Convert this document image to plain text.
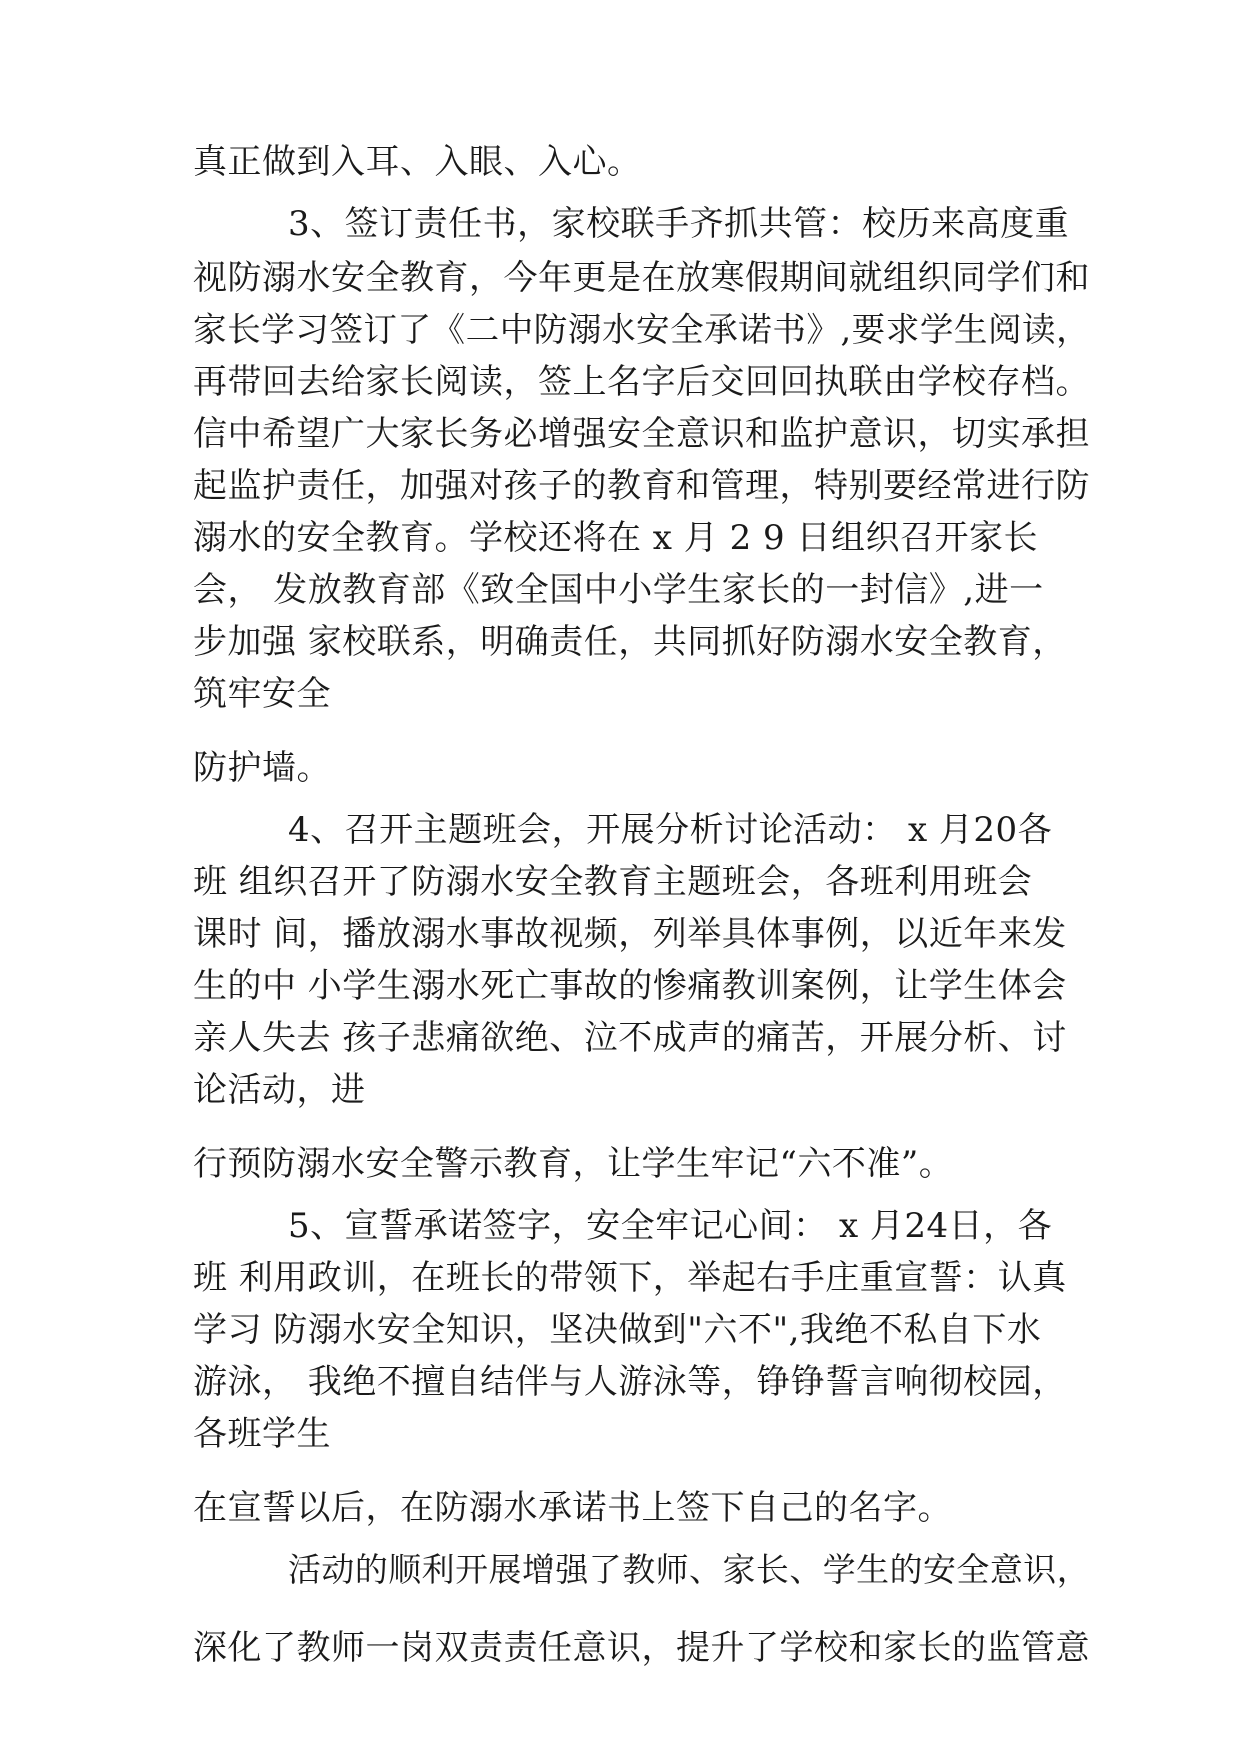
真正做到入耳、入眼、入心。
3、签订责任书，家校联手齐抓共管：校历来高度重
视防溺水安全教育，今年更是在放寒假期间就组织同学们和
家长学习签订了《二中防溺水安全承诺书》,要求学生阅读，
再带回去给家长阅读，签上名字后交回回执联由学校存档。
信中希望广大家长务必增强安全意识和监护意识，切实承担
起监护责任，加强对孩子的教育和管理，特别要经常进行防
溺水的安全教育。学校还将在 x 月 2 9 日组织召开家长
会， 发放教育部《致全国中小学生家长的一封信》,进一
步加强 家校联系，明确责任，共同抓好防溺水安全教育，
筑牢安全
防护墙。
4、召开主题班会，开展分析讨论活动： x 月20各
班 组织召开了防溺水安全教育主题班会，各班利用班会
课时 间，播放溺水事故视频，列举具体事例，以近年来发
生的中 小学生溺水死亡事故的惨痛教训案例，让学生体会
亲人失去 孩子悲痛欲绝、泣不成声的痛苦，开展分析、讨
论活动，进
行预防溺水安全警示教育，让学生牢记“六不准”。
5、宣誓承诺签字，安全牢记心间： x 月24日，各
班 利用政训，在班长的带领下，举起右手庄重宣誓：认真
学习 防溺水安全知识，坚决做到"六不",我绝不私自下水
游泳， 我绝不擅自结伴与人游泳等，铮铮誓言响彻校园，
各班学生
在宣誓以后，在防溺水承诺书上签下自己的名字。
活动的顺利开展增强了教师、家长、学生的安全意识，
深化了教师一岗双责责任意识，提升了学校和家长的监管意
